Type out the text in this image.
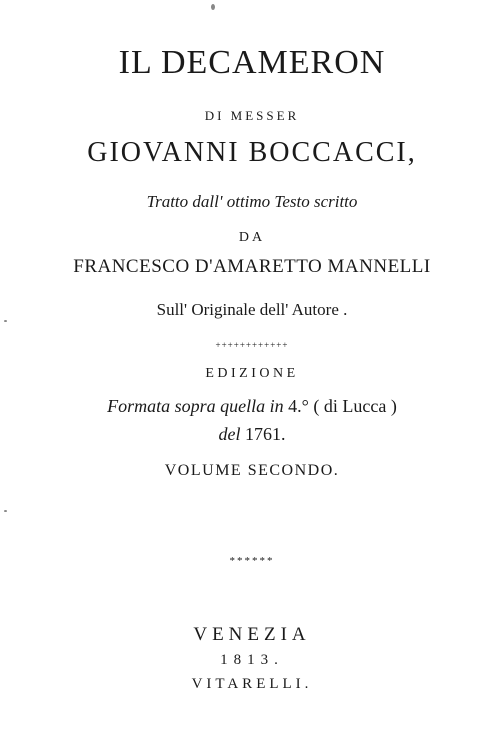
IL DECAMERON
DI MESSER
GIOVANNI BOCCACCI,
Tratto dall' ottimo Testo scritto
DA
FRANCESCO D'AMARETTO MANNELLI
Sull' Originale dell' Autore .
++++++++++++
EDIZIONE
Formata sopra quella in 4.° ( di Lucca )
del 1761.
VOLUME SECONDO.
******
VENEZIA
1813.
VITARELLI.
